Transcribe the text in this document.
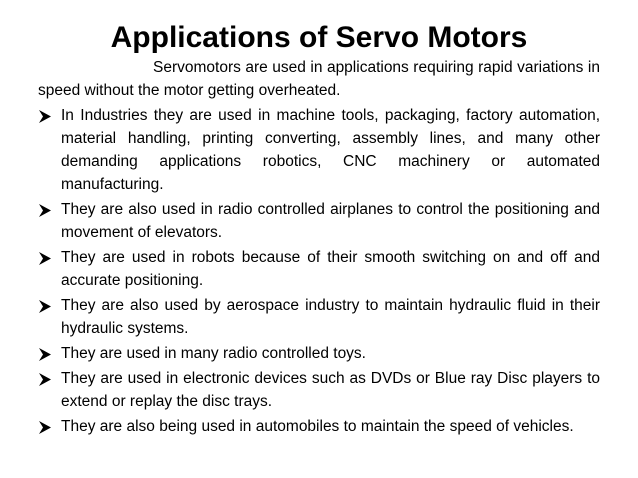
Applications of Servo Motors

Servomotors are used in applications requiring rapid variations in speed without the motor getting overheated.

In Industries they are used in machine tools, packaging, factory automation, material handling, printing converting, assembly lines, and many other demanding applications robotics, CNC machinery or automated manufacturing.
They are also used in radio controlled airplanes to control the positioning and movement of elevators.
They are used in robots because of their smooth switching on and off and accurate positioning.
They are also used by aerospace industry to maintain hydraulic fluid in their hydraulic systems.
They are used in many radio controlled toys.
They are used in electronic devices such as DVDs or Blue ray Disc players to extend or replay the disc trays.
They are also being used in automobiles to maintain the speed of vehicles.
